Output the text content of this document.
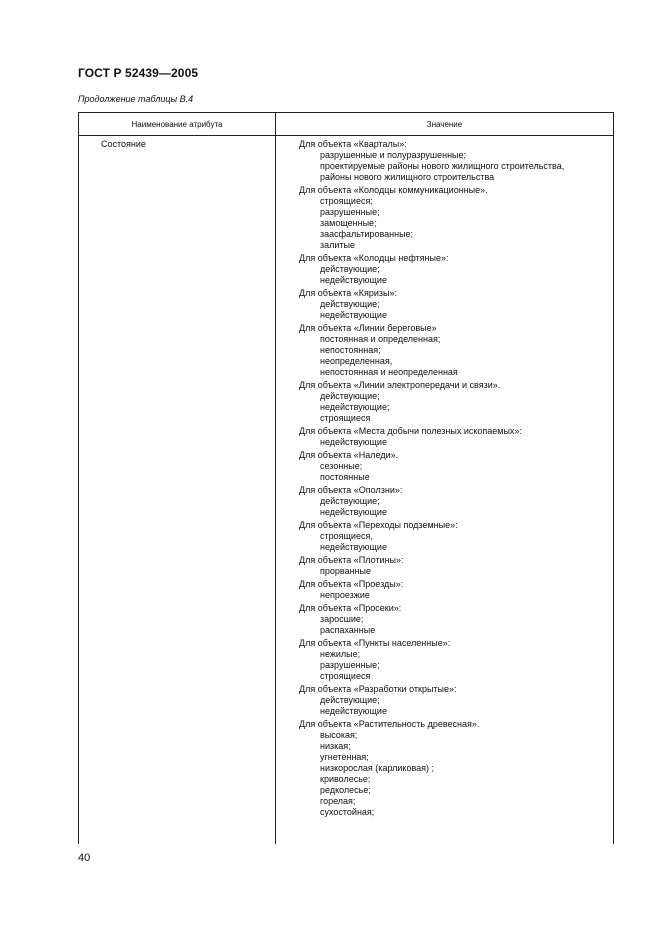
ГОСТ Р 52439—2005
Продолжение таблицы В.4
Наименование атрибута	Значение
Состояние	Для объекта «Кварталы»:
разрушенные и полуразрушенные;
проектируемые районы нового жилищного строительства,
районы нового жилищного строительства
Для объекта «Колодцы коммуникационные».
строящиеся;
разрушенные;
замощенные;
заасфальтированные;
залитые
Для объекта «Колодцы нефтяные»:
действующие;
недействующие
Для объекта «Кяризы»:
действующие;
недействующие
Для объекта «Линии береговые»
постоянная и определенная;
непостоянная;
неопределенная,
непостоянная и неопределенная
Для объекта «Линии электропередачи и связи».
действующие;
недействующие;
строящиеся
Для объекта «Места добычи полезных ископаемых»:
недействующие
Для объекта «Наледи».
сезонные;
постоянные
Для объекта «Оползни»:
действующие;
недействующие
Для объекта «Переходы подземные»:
строящиеся,
недействующие
Для объекта «Плотины»:
прорванные
Для объекта «Проезды»:
непроезжие
Для объекта «Просеки»:
заросшие;
распаханные
Для объекта «Пункты населенные»:
нежилые;
разрушенные;
строящиеся
Для объекта «Разработки открытые»:
действующие;
недействующие
Для объекта «Растительность древесная».
высокая;
низкая;
угнетенная;
низкорослая (карликовая) ;
криволесье;
редколесье;
горелая;
сухостойная;
40
